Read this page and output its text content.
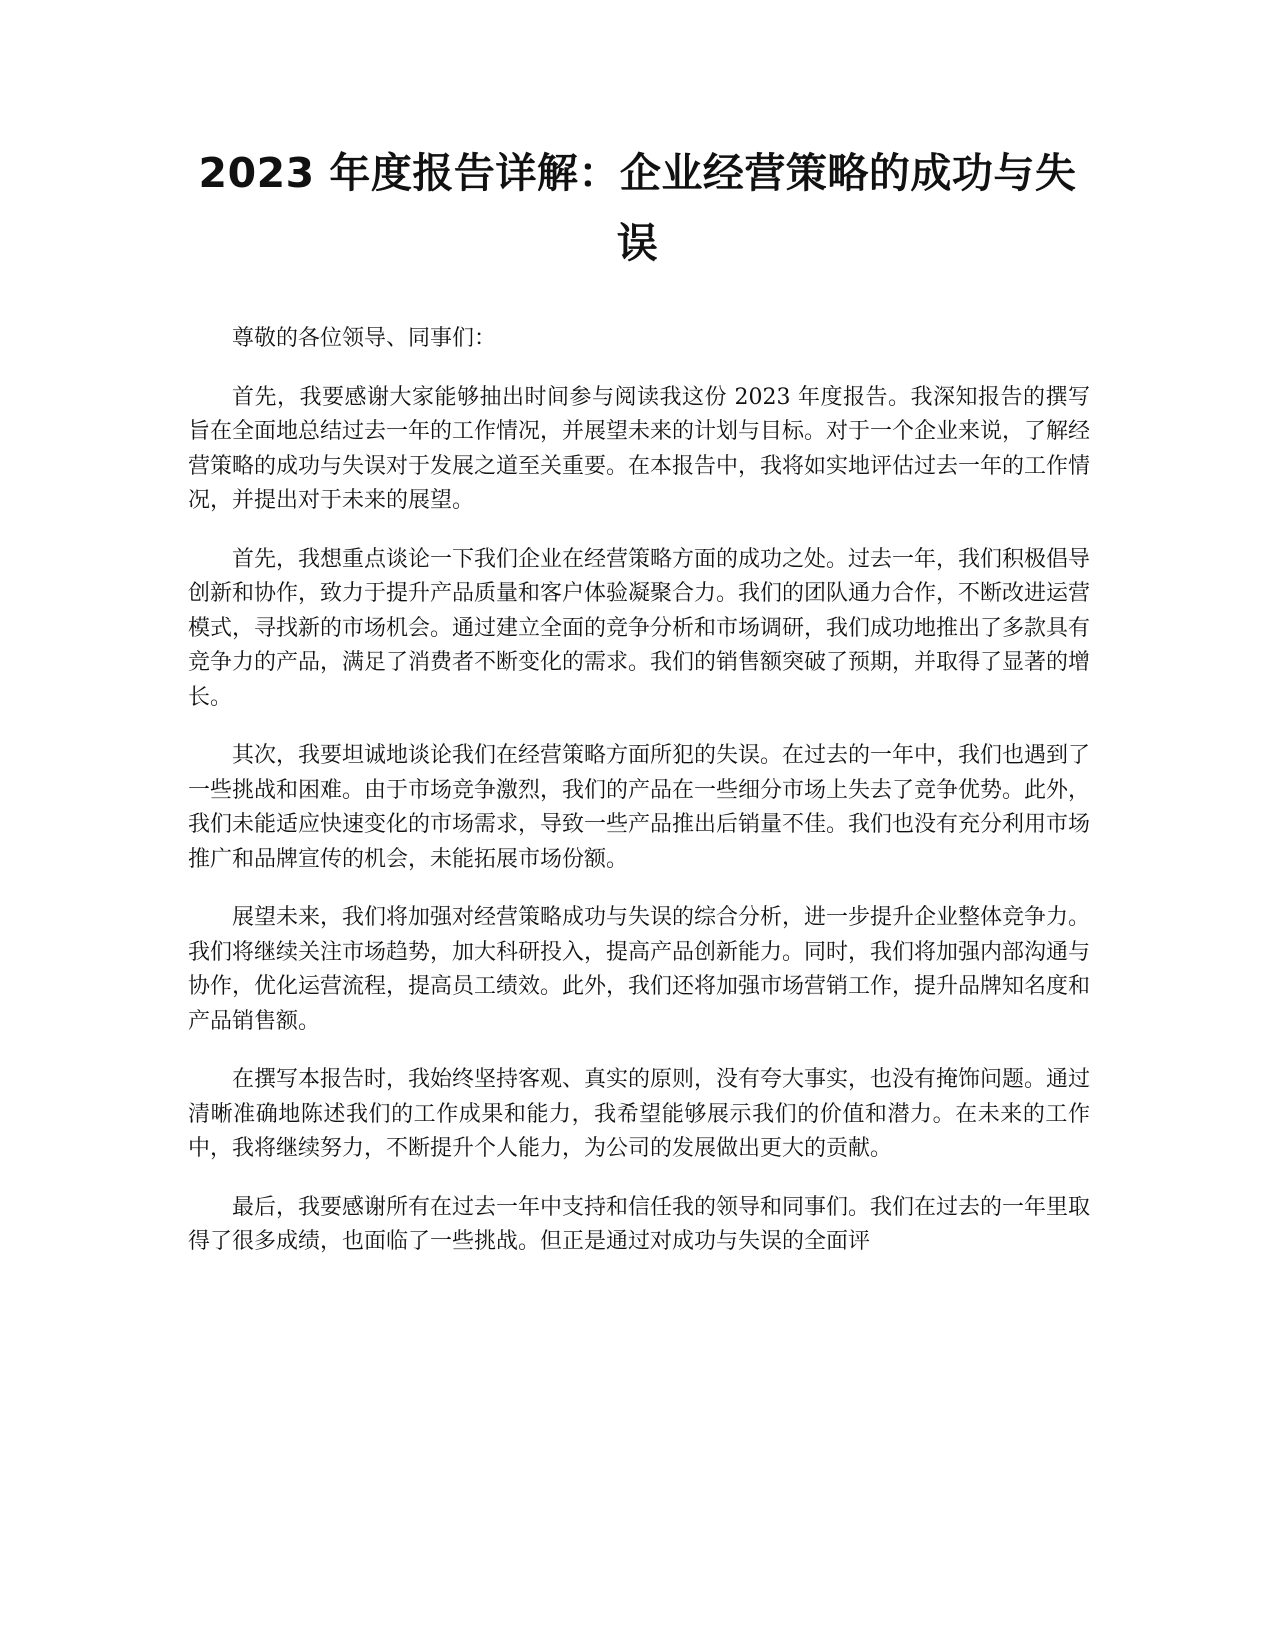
2023 年度报告详解：企业经营策略的成功与失误

尊敬的各位领导、同事们：

首先，我要感谢大家能够抽出时间参与阅读我这份 2023 年度报告。我深知报告的撰写旨在全面地总结过去一年的工作情况，并展望未来的计划与目标。对于一个企业来说，了解经营策略的成功与失误对于发展之道至关重要。在本报告中，我将如实地评估过去一年的工作情况，并提出对于未来的展望。

首先，我想重点谈论一下我们企业在经营策略方面的成功之处。过去一年，我们积极倡导创新和协作，致力于提升产品质量和客户体验凝聚合力。我们的团队通力合作，不断改进运营模式，寻找新的市场机会。通过建立全面的竞争分析和市场调研，我们成功地推出了多款具有竞争力的产品，满足了消费者不断变化的需求。我们的销售额突破了预期，并取得了显著的增长。

其次，我要坦诚地谈论我们在经营策略方面所犯的失误。在过去的一年中，我们也遇到了一些挑战和困难。由于市场竞争激烈，我们的产品在一些细分市场上失去了竞争优势。此外，我们未能适应快速变化的市场需求，导致一些产品推出后销量不佳。我们也没有充分利用市场推广和品牌宣传的机会，未能拓展市场份额。

展望未来，我们将加强对经营策略成功与失误的综合分析，进一步提升企业整体竞争力。我们将继续关注市场趋势，加大科研投入，提高产品创新能力。同时，我们将加强内部沟通与协作，优化运营流程，提高员工绩效。此外，我们还将加强市场营销工作，提升品牌知名度和产品销售额。

在撰写本报告时，我始终坚持客观、真实的原则，没有夸大事实，也没有掩饰问题。通过清晰准确地陈述我们的工作成果和能力，我希望能够展示我们的价值和潜力。在未来的工作中，我将继续努力，不断提升个人能力，为公司的发展做出更大的贡献。

最后，我要感谢所有在过去一年中支持和信任我的领导和同事们。我们在过去的一年里取得了很多成绩，也面临了一些挑战。但正是通过对成功与失误的全面评
